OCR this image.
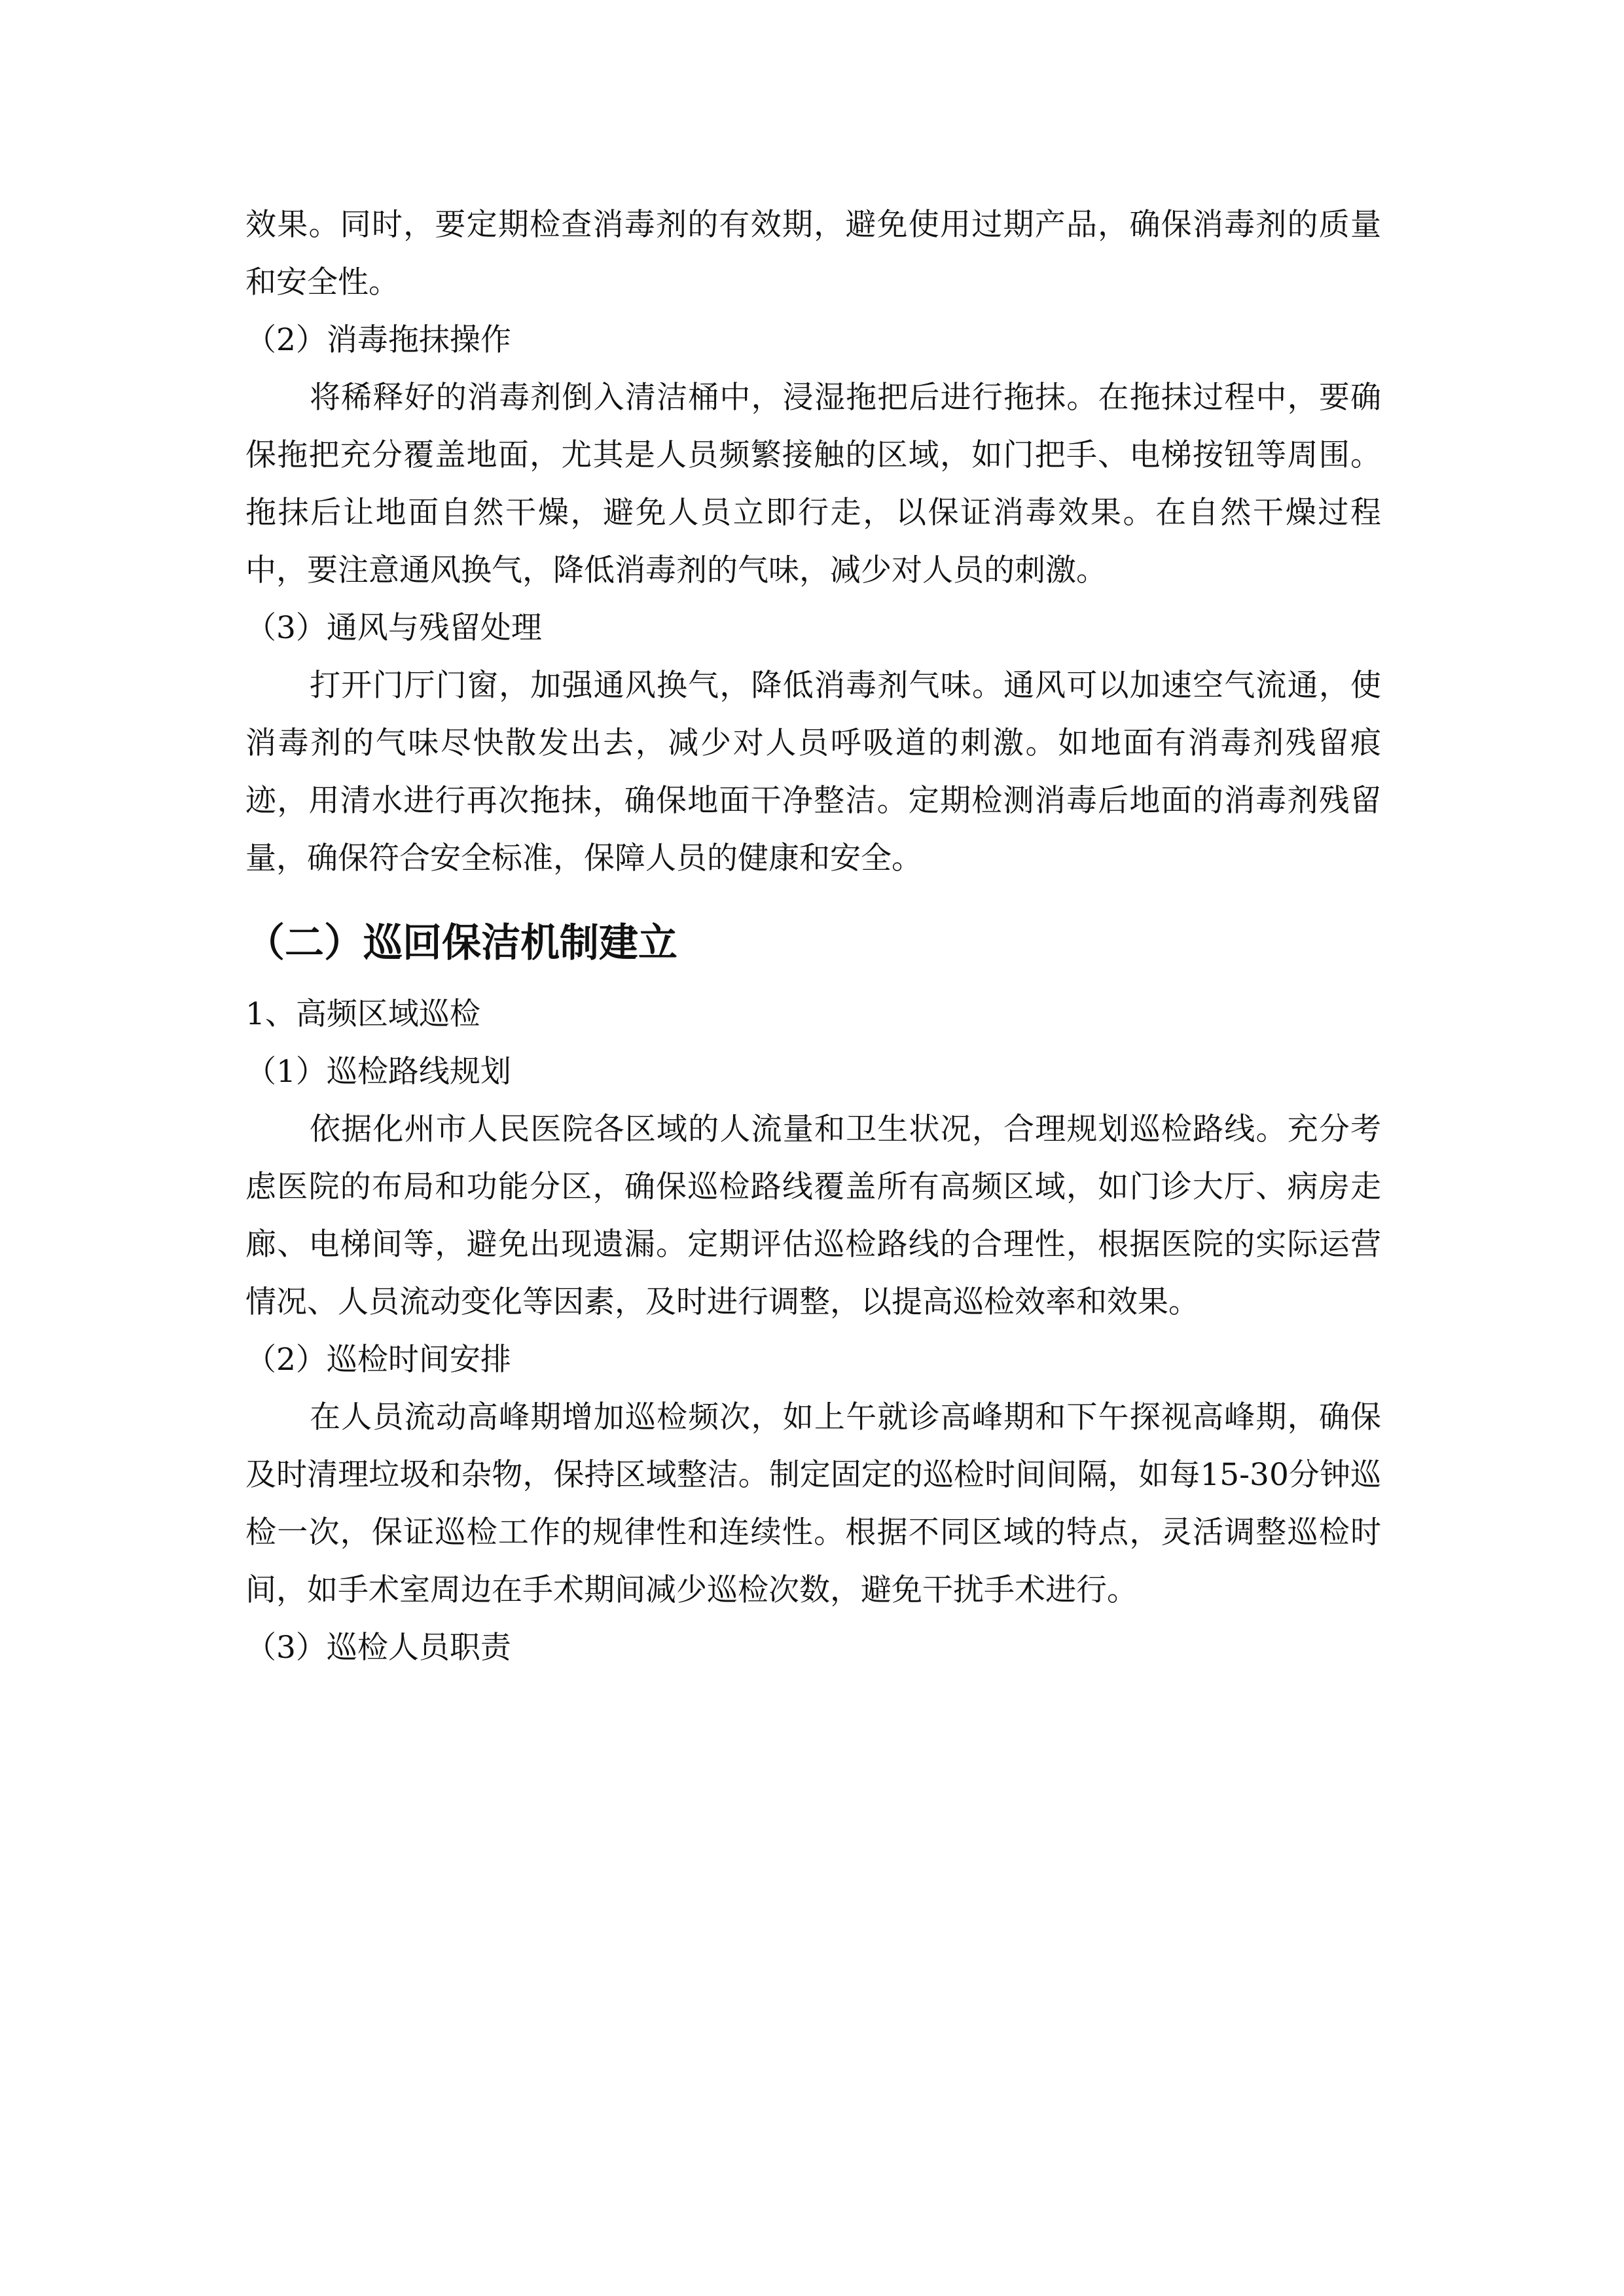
效果。同时，要定期检查消毒剂的有效期，避免使用过期产品，确保消毒剂的质量和安全性。

（2）消毒拖抹操作

将稀释好的消毒剂倒入清洁桶中，浸湿拖把后进行拖抹。在拖抹过程中，要确保拖把充分覆盖地面，尤其是人员频繁接触的区域，如门把手、电梯按钮等周围。拖抹后让地面自然干燥，避免人员立即行走，以保证消毒效果。在自然干燥过程中，要注意通风换气，降低消毒剂的气味，减少对人员的刺激。

（3）通风与残留处理

打开门厅门窗，加强通风换气，降低消毒剂气味。通风可以加速空气流通，使消毒剂的气味尽快散发出去，减少对人员呼吸道的刺激。如地面有消毒剂残留痕迹，用清水进行再次拖抹，确保地面干净整洁。定期检测消毒后地面的消毒剂残留量，确保符合安全标准，保障人员的健康和安全。

（二）巡回保洁机制建立

1、高频区域巡检

（1）巡检路线规划

依据化州市人民医院各区域的人流量和卫生状况，合理规划巡检路线。充分考虑医院的布局和功能分区，确保巡检路线覆盖所有高频区域，如门诊大厅、病房走廊、电梯间等，避免出现遗漏。定期评估巡检路线的合理性，根据医院的实际运营情况、人员流动变化等因素，及时进行调整，以提高巡检效率和效果。

（2）巡检时间安排

在人员流动高峰期增加巡检频次，如上午就诊高峰期和下午探视高峰期，确保及时清理垃圾和杂物，保持区域整洁。制定固定的巡检时间间隔，如每15-30分钟巡检一次，保证巡检工作的规律性和连续性。根据不同区域的特点，灵活调整巡检时间，如手术室周边在手术期间减少巡检次数，避免干扰手术进行。

（3）巡检人员职责
